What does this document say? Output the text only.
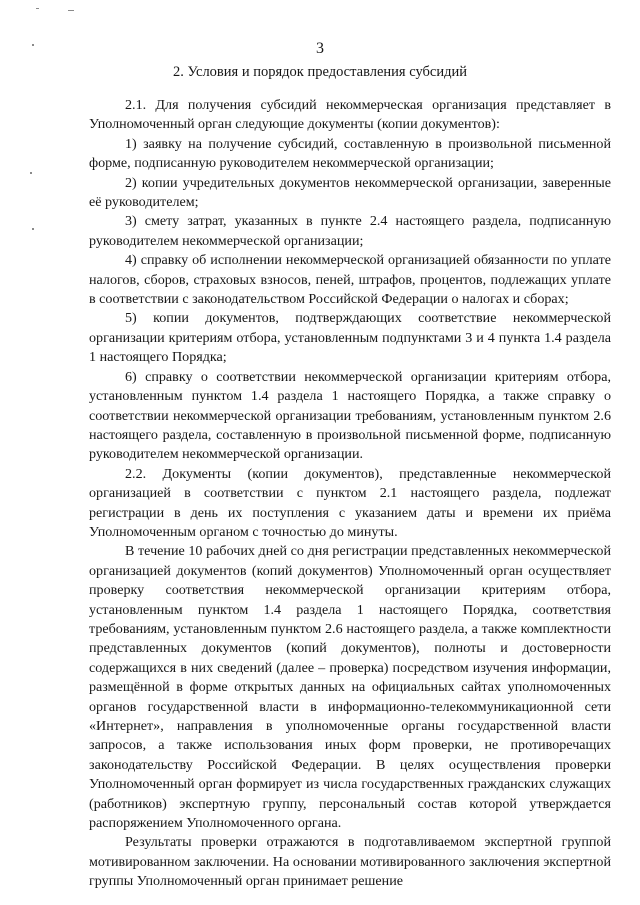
3
2. Условия и порядок предоставления субсидий

2.1. Для получения субсидий некоммерческая организация представляет в Уполномоченный орган следующие документы (копии документов):

1) заявку на получение субсидий, составленную в произвольной письменной форме, подписанную руководителем некоммерческой организации;

2) копии учредительных документов некоммерческой организации, заверенные её руководителем;

3) смету затрат, указанных в пункте 2.4 настоящего раздела, подписанную руководителем некоммерческой организации;

4) справку об исполнении некоммерческой организацией обязанности по уплате налогов, сборов, страховых взносов, пеней, штрафов, процентов, подлежащих уплате в соответствии с законодательством Российской Федерации о налогах и сборах;

5) копии документов, подтверждающих соответствие некоммерческой организации критериям отбора, установленным подпунктами 3 и 4 пункта 1.4 раздела 1 настоящего Порядка;

6) справку о соответствии некоммерческой организации критериям отбора, установленным пунктом 1.4 раздела 1 настоящего Порядка, а также справку о соответствии некоммерческой организации требованиям, установленным пунктом 2.6 настоящего раздела, составленную в произвольной письменной форме, подписанную руководителем некоммерческой организации.

2.2. Документы (копии документов), представленные некоммерческой организацией в соответствии с пунктом 2.1 настоящего раздела, подлежат регистрации в день их поступления с указанием даты и времени их приёма Уполномоченным органом с точностью до минуты.

В течение 10 рабочих дней со дня регистрации представленных некоммерческой организацией документов (копий документов) Уполномоченный орган осуществляет проверку соответствия некоммерческой организации критериям отбора, установленным пунктом 1.4 раздела 1 настоящего Порядка, соответствия требованиям, установленным пунктом 2.6 настоящего раздела, а также комплектности представленных документов (копий документов), полноты и достоверности содержащихся в них сведений (далее – проверка) посредством изучения информации, размещённой в форме открытых данных на официальных сайтах уполномоченных органов государственной власти в информационно-телекоммуникационной сети «Интернет», направления в уполномоченные органы государственной власти запросов, а также использования иных форм проверки, не противоречащих законодательству Российской Федерации. В целях осуществления проверки Уполномоченный орган формирует из числа государственных гражданских служащих (работников) экспертную группу, персональный состав которой утверждается распоряжением Уполномоченного органа.

Результаты проверки отражаются в подготавливаемом экспертной группой мотивированном заключении. На основании мотивированного заключения экспертной группы Уполномоченный орган принимает решение
